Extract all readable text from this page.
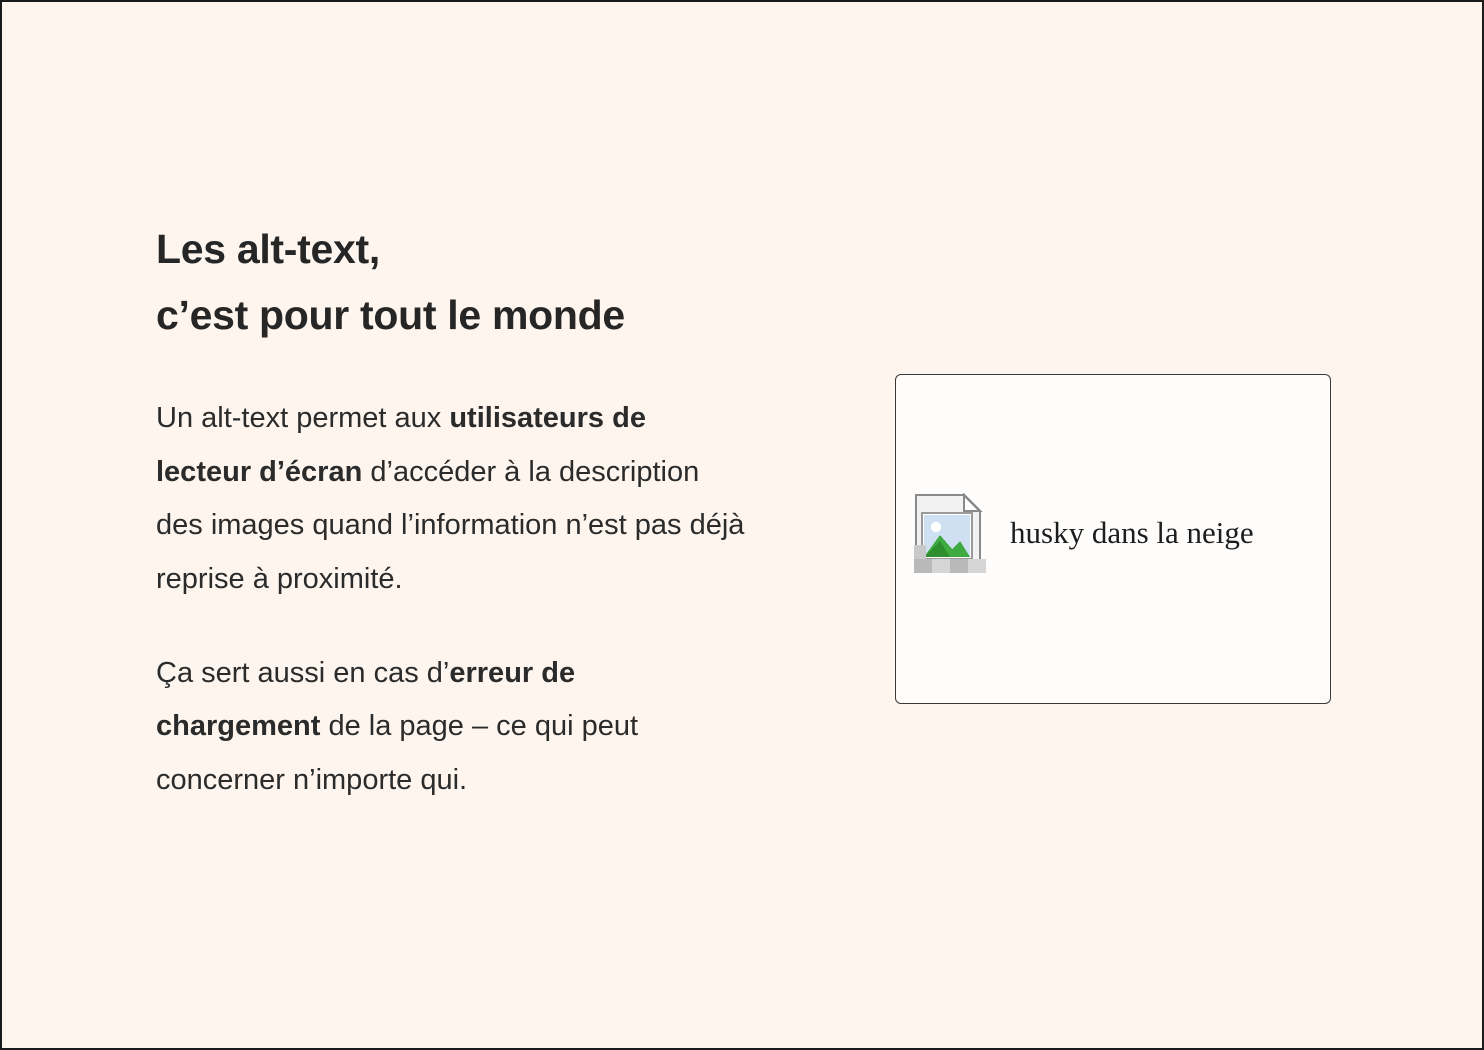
Les alt-text,
c’est pour tout le monde

Un alt-text permet aux utilisateurs de lecteur d’écran d’accéder à la description des images quand l’information n’est pas déjà reprise à proximité.

Ça sert aussi en cas d’erreur de chargement de la page – ce qui peut concerner n’importe qui.

husky dans la neige
